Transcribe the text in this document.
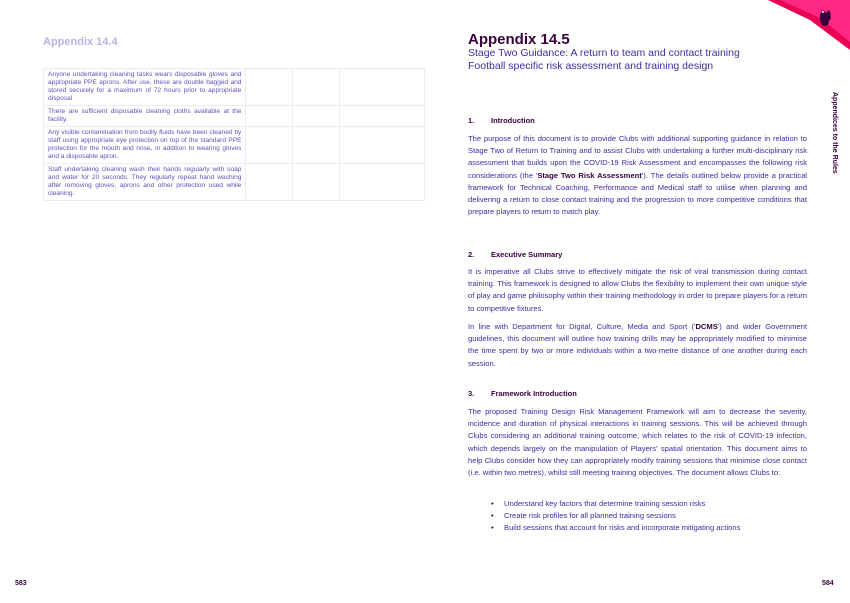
Appendix 14.4
Anyone undertaking cleaning tasks wears disposable gloves and appropriate PPE aprons. After use, these are double bagged and stored securely for a maximum of 72 hours prior to appropriate disposal			
There are sufficient disposable cleaning cloths available at the facility.			
Any visible contamination from bodily fluids have been cleaned by staff using appropriate eye protection on top of the standard PPE protection for the mouth and nose, in addition to wearing gloves and a disposable apron.			
Staff undertaking cleaning wash their hands regularly with soap and water for 20 seconds. They regularly repeat hand washing after removing gloves, aprons and other protection used while cleaning.			
583
Appendix 14.5
Stage Two Guidance: A return to team and contact training
Football specific risk assessment and training design
Appendices to the Rules
1. Introduction
The purpose of this document is to provide Clubs with additional supporting guidance in relation to Stage Two of Return to Training and to assist Clubs with undertaking a further multi-disciplinary risk assessment that builds upon the COVID-19 Risk Assessment and encompasses the following risk considerations (the 'Stage Two Risk Assessment'). The details outlined below provide a practical framework for Technical Coaching, Performance and Medical staff to utilise when planning and delivering a return to close contact training and the progression to more competitive conditions that prepare players to return to match play.
2. Executive Summary
It is imperative all Clubs strive to effectively mitigate the risk of viral transmission during contact training. This framework is designed to allow Clubs the flexibility to implement their own unique style of play and game philosophy within their training methodology in order to prepare players for a return to competitive fixtures.
In line with Department for Digital, Culture, Media and Sport ('DCMS') and wider Government guidelines, this document will outline how training drills may be appropriately modified to minimise the time spent by two or more individuals within a two-metre distance of one another during each session.
3. Framework Introduction
The proposed Training Design Risk Management Framework will aim to decrease the severity, incidence and duration of physical interactions in training sessions. This will be achieved through Clubs considering an additional training outcome, which relates to the risk of COVID-19 infection, which depends largely on the manipulation of Players' spatial orientation. This document aims to help Clubs consider how they can appropriately modify training sessions that minimise close contact (i.e. within two metres), whilst still meeting training objectives. The document allows Clubs to:
• Understand key factors that determine training session risks
• Create risk profiles for all planned training sessions
• Build sessions that account for risks and incorporate mitigating actions
584
